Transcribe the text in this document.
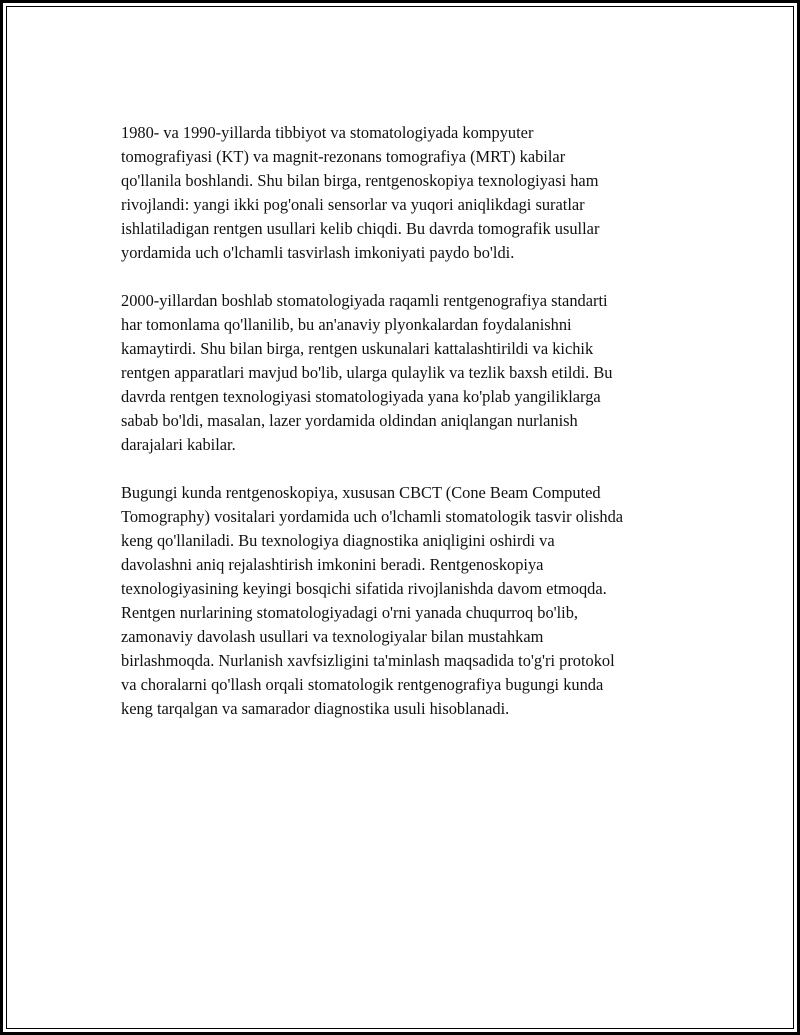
1980- va 1990-yillarda tibbiyot va stomatologiyada kompyuter
tomografiyasi (KT) va magnit-rezonans tomografiya (MRT) kabilar
qo'llanila boshlandi. Shu bilan birga, rentgenoskopiya texnologiyasi ham
rivojlandi: yangi ikki pog'onali sensorlar va yuqori aniqlikdagi suratlar
ishlatiladigan rentgen usullari kelib chiqdi. Bu davrda tomografik usullar
yordamida uch o'lchamli tasvirlash imkoniyati paydo bo'ldi.

2000-yillardan boshlab stomatologiyada raqamli rentgenografiya standarti
har tomonlama qo'llanilib, bu an'anaviy plyonkalardan foydalanishni
kamaytirdi. Shu bilan birga, rentgen uskunalari kattalashtirildi va kichik
rentgen apparatlari mavjud bo'lib, ularga qulaylik va tezlik baxsh etildi. Bu
davrda rentgen texnologiyasi stomatologiyada yana ko'plab yangiliklarga
sabab bo'ldi, masalan, lazer yordamida oldindan aniqlangan nurlanish
darajalari kabilar.

Bugungi kunda rentgenoskopiya, xususan CBCT (Cone Beam Computed
Tomography) vositalari yordamida uch o'lchamli stomatologik tasvir olishda
keng qo'llaniladi. Bu texnologiya diagnostika aniqligini oshirdi va
davolashni aniq rejalashtirish imkonini beradi. Rentgenoskopiya
texnologiyasining keyingi bosqichi sifatida rivojlanishda davom etmoqda.
Rentgen nurlarining stomatologiyadagi o'rni yanada chuqurroq bo'lib,
zamonaviy davolash usullari va texnologiyalar bilan mustahkam
birlashmoqda. Nurlanish xavfsizligini ta'minlash maqsadida to'g'ri protokol
va choralarni qo'llash orqali stomatologik rentgenografiya bugungi kunda
keng tarqalgan va samarador diagnostika usuli hisoblanadi.
